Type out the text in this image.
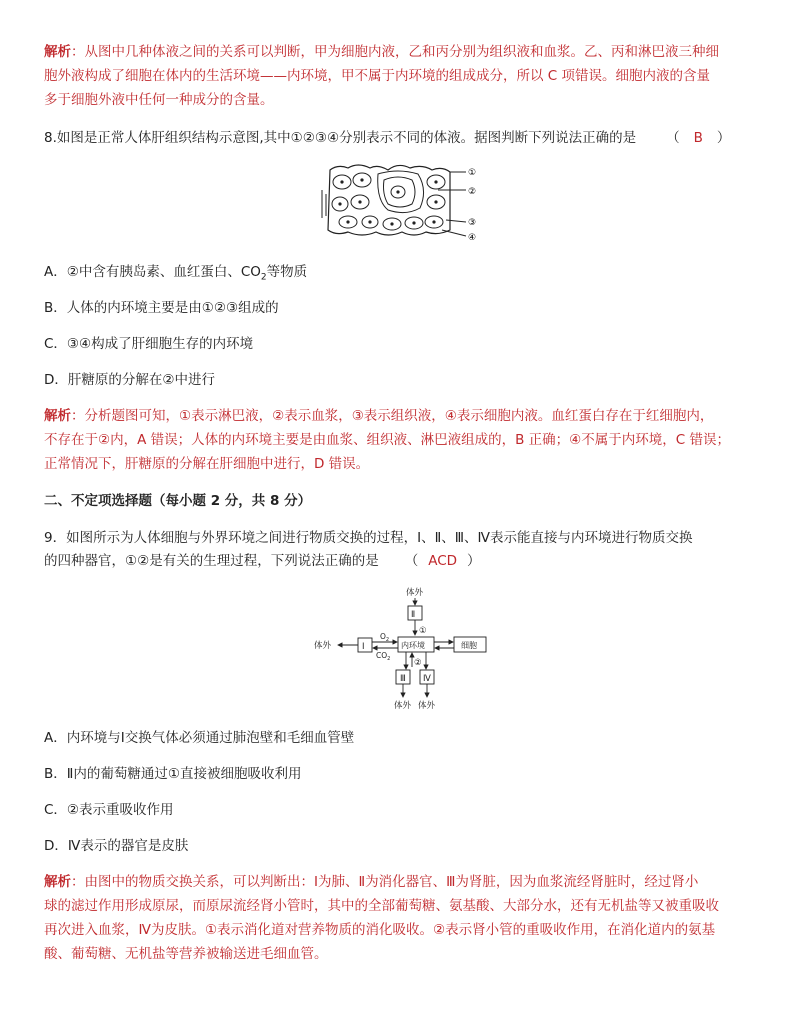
解析：从图中几种体液之间的关系可以判断，甲为细胞内液，乙和丙分别为组织液和血浆。乙、丙和淋巴液三种细
胞外液构成了细胞在体内的生活环境——内环境，甲不属于内环境的组成成分，所以 C 项错误。细胞内液的含量
多于细胞外液中任何一种成分的含量。
8.如图是正常人体肝组织结构示意图,其中①②③④分别表示不同的体液。据图判断下列说法正确的是 （ B ）
①
②
③
④
A．②中含有胰岛素、血红蛋白、$CO_2$等物质
B．人体的内环境主要是由①②③组成的
C．③④构成了肝细胞生存的内环境
D．肝糖原的分解在②中进行
解析：分析题图可知，①表示淋巴液，②表示血浆，③表示组织液，④表示细胞内液。血红蛋白存在于红细胞内，
不存在于②内，A 错误；人体的内环境主要是由血浆、组织液、淋巴液组成的，B 正确；④不属于内环境，C 错误；
正常情况下，肝糖原的分解在肝细胞中进行，D 错误。
二、不定项选择题（每小题 2 分，共 8 分）
9．如图所示为人体细胞与外界环境之间进行物质交换的过程，Ⅰ、Ⅱ、Ⅲ、Ⅳ表示能直接与内环境进行物质交换
的四种器官，①②是有关的生理过程，下列说法正确的是 （ ACD ）
体外
Ⅱ
①
体外	Ⅰ
$O_2$
$CO_2$
内环境	细胞
②
Ⅲ Ⅳ
体外 体外
A．内环境与Ⅰ交换气体必须通过肺泡壁和毛细血管壁
B．Ⅱ内的葡萄糖通过①直接被细胞吸收利用
C．②表示重吸收作用
D．Ⅳ表示的器官是皮肤
解析：由图中的物质交换关系，可以判断出：Ⅰ为肺、Ⅱ为消化器官、Ⅲ为肾脏，因为血浆流经肾脏时，经过肾小
球的滤过作用形成原尿，而原尿流经肾小管时，其中的全部葡萄糖、氨基酸、大部分水，还有无机盐等又被重吸收
再次进入血浆，Ⅳ为皮肤。①表示消化道对营养物质的消化吸收。②表示肾小管的重吸收作用，在消化道内的氨基
酸、葡萄糖、无机盐等营养被输送进毛细血管。
